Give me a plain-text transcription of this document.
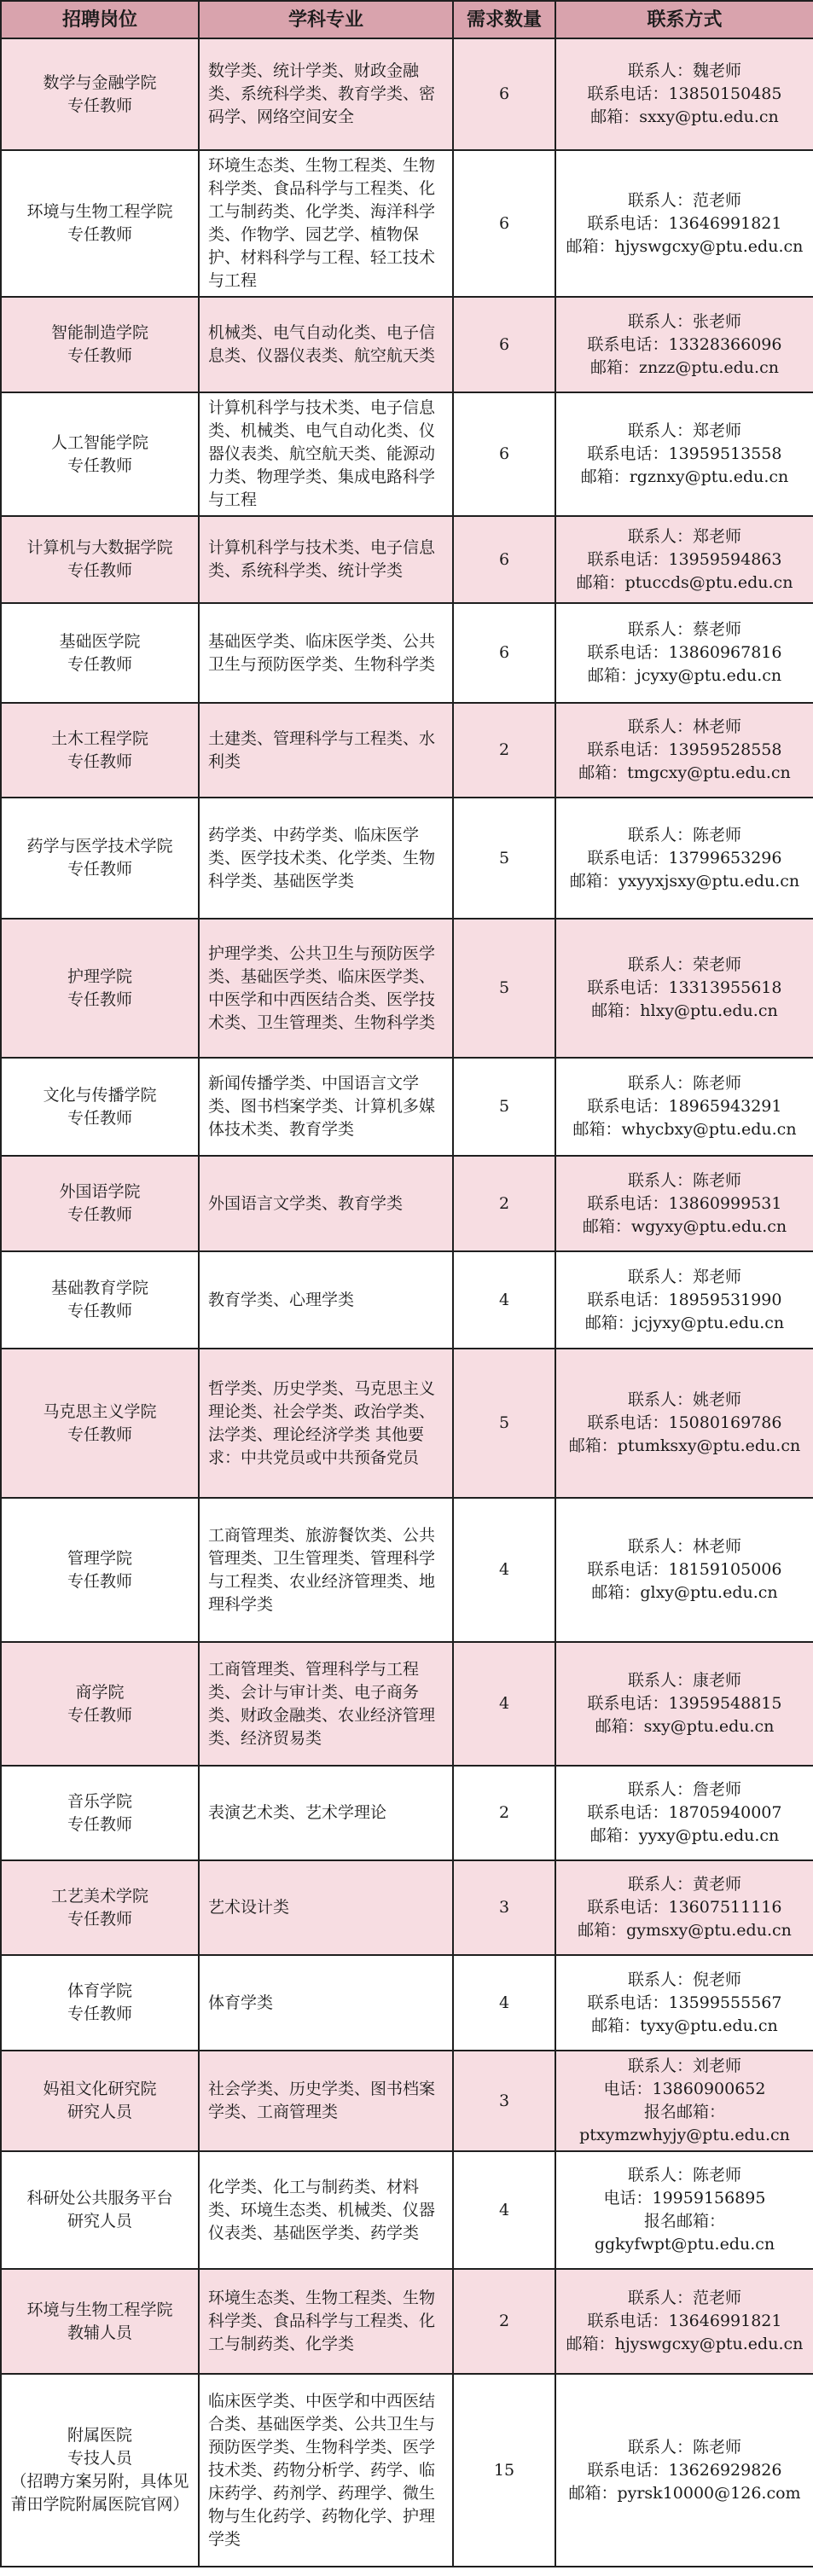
招聘岗位	学科专业	需求数量	联系方式

数学与金融学院
专任教师	数学类、统计学类、财政金融类、系统科学类、教育学类、密码学、网络空间安全	6	联系人：魏老师
联系电话：13850150485
邮箱：sxxy@ptu.edu.cn

环境与生物工程学院
专任教师	环境生态类、生物工程类、生物科学类、食品科学与工程类、化工与制药类、化学类、海洋科学类、作物学、园艺学、植物保护、材料科学与工程、轻工技术与工程	6	联系人：范老师
联系电话：13646991821
邮箱：hjyswgcxy@ptu.edu.cn

智能制造学院
专任教师	机械类、电气自动化类、电子信息类、仪器仪表类、航空航天类	6	联系人：张老师
联系电话：13328366096
邮箱：znzz@ptu.edu.cn

人工智能学院
专任教师	计算机科学与技术类、电子信息类、机械类、电气自动化类、仪器仪表类、航空航天类、能源动力类、物理学类、集成电路科学与工程	6	联系人：郑老师
联系电话：13959513558
邮箱：rgznxy@ptu.edu.cn

计算机与大数据学院
专任教师	计算机科学与技术类、电子信息类、系统科学类、统计学类	6	联系人：郑老师
联系电话：13959594863
邮箱：ptuccds@ptu.edu.cn

基础医学院
专任教师	基础医学类、临床医学类、公共卫生与预防医学类、生物科学类	6	联系人：蔡老师
联系电话：13860967816
邮箱：jcyxy@ptu.edu.cn

土木工程学院
专任教师	土建类、管理科学与工程类、水利类	2	联系人：林老师
联系电话：13959528558
邮箱：tmgcxy@ptu.edu.cn

药学与医学技术学院
专任教师	药学类、中药学类、临床医学类、医学技术类、化学类、生物科学类、基础医学类	5	联系人：陈老师
联系电话：13799653296
邮箱：yxyyxjsxy@ptu.edu.cn

护理学院
专任教师	护理学类、公共卫生与预防医学类、基础医学类、临床医学类、中医学和中西医结合类、医学技术类、卫生管理类、生物科学类	5	联系人：荣老师
联系电话：13313955618
邮箱：hlxy@ptu.edu.cn

文化与传播学院
专任教师	新闻传播学类、中国语言文学类、图书档案学类、计算机多媒体技术类、教育学类	5	联系人：陈老师
联系电话：18965943291
邮箱：whycbxy@ptu.edu.cn

外国语学院
专任教师	外国语言文学类、教育学类	2	联系人：陈老师
联系电话：13860999531
邮箱：wgyxy@ptu.edu.cn

基础教育学院
专任教师	教育学类、心理学类	4	联系人：郑老师
联系电话：18959531990
邮箱：jcjyxy@ptu.edu.cn

马克思主义学院
专任教师	哲学类、历史学类、马克思主义理论类、社会学类、政治学类、法学类、理论经济学类 其他要求：中共党员或中共预备党员	5	联系人：姚老师
联系电话：15080169786
邮箱：ptumksxy@ptu.edu.cn

管理学院
专任教师	工商管理类、旅游餐饮类、公共管理类、卫生管理类、管理科学与工程类、农业经济管理类、地理科学类	4	联系人：林老师
联系电话：18159105006
邮箱：glxy@ptu.edu.cn

商学院
专任教师	工商管理类、管理科学与工程类、会计与审计类、电子商务类、财政金融类、农业经济管理类、经济贸易类	4	联系人：康老师
联系电话：13959548815
邮箱：sxy@ptu.edu.cn

音乐学院
专任教师	表演艺术类、艺术学理论	2	联系人：詹老师
联系电话：18705940007
邮箱：yyxy@ptu.edu.cn

工艺美术学院
专任教师	艺术设计类	3	联系人：黄老师
联系电话：13607511116
邮箱：gymsxy@ptu.edu.cn

体育学院
专任教师	体育学类	4	联系人：倪老师
联系电话：13599555567
邮箱：tyxy@ptu.edu.cn

妈祖文化研究院
研究人员	社会学类、历史学类、图书档案学类、工商管理类	3	联系人：刘老师
电话：13860900652
报名邮箱：
ptxymzwhyjy@ptu.edu.cn

科研处公共服务平台
研究人员	化学类、化工与制药类、材料类、环境生态类、机械类、仪器仪表类、基础医学类、药学类	4	联系人：陈老师
电话：19959156895
报名邮箱：
ggkyfwpt@ptu.edu.cn

环境与生物工程学院
教辅人员	环境生态类、生物工程类、生物科学类、食品科学与工程类、化工与制药类、化学类	2	联系人：范老师
联系电话：13646991821
邮箱：hjyswgcxy@ptu.edu.cn

附属医院
专技人员
（招聘方案另附，具体见莆田学院附属医院官网）	临床医学类、中医学和中西医结合类、基础医学类、公共卫生与预防医学类、生物科学类、医学技术类、药物分析学、药学、临床药学、药剂学、药理学、微生物与生化药学、药物化学、护理学类	15	联系人：陈老师
联系电话：13626929826
邮箱：pyrsk10000@126.com
